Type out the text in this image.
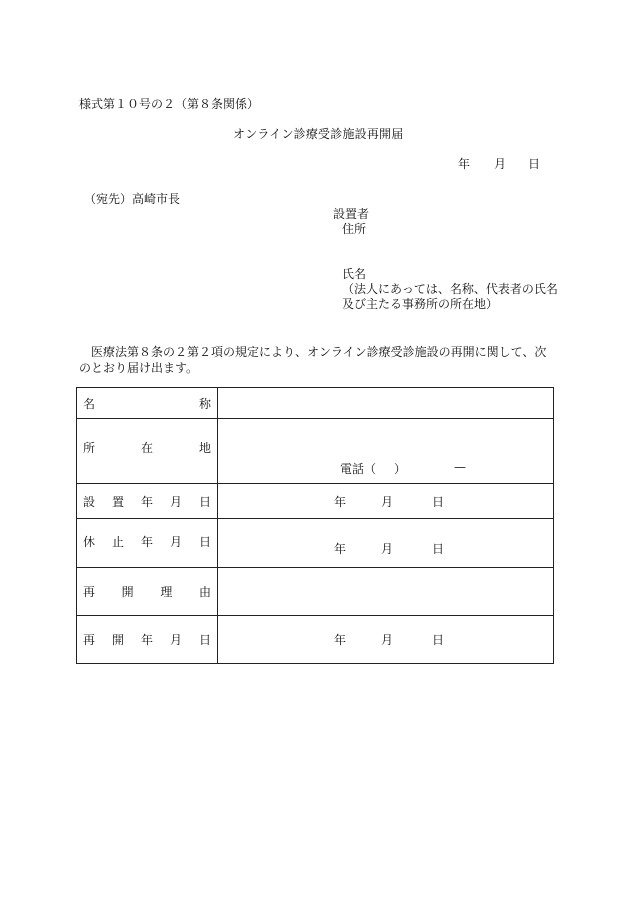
様式第１０号の２（第８条関係）
オンライン診療受診施設再開届
年 月 日
（宛先）高崎市長
設置者
住所
氏名
（法人にあっては、名称、代表者の氏名
及び主たる事務所の所在地）
医療法第８条の２第２項の規定により、オンライン診療受診施設の再開に関して、次のとおり届け出ます。
名 称	

所 在 地	電話（ ） —

設 置 年 月 日	年 月 日

休 止 年 月 日	年 月 日

再 開 理 由	

再 開 年 月 日	年 月 日
